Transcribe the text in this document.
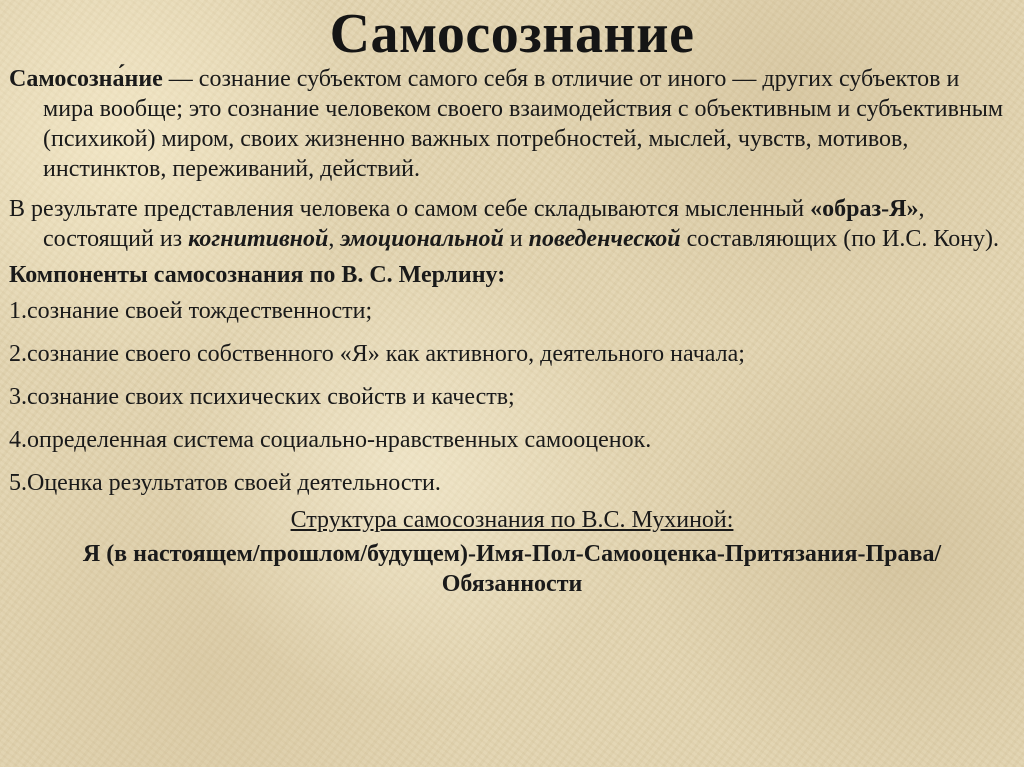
Самосознание

Самосозна́ние — сознание субъектом самого себя в отличие от иного — других субъектов и мира вообще; это сознание человеком своего взаимодействия с объективным и субъективным (психикой) миром, своих жизненно важных потребностей, мыслей, чувств, мотивов, инстинктов, переживаний, действий.

В результате представления человека о самом себе складываются мысленный «образ-Я», состоящий из когнитивной, эмоциональной и поведенческой составляющих (по И.С. Кону).

Компоненты самосознания по В. С. Мерлину:

1.сознание своей тождественности;

2.сознание своего собственного «Я» как активного, деятельного начала;

3.сознание своих психических свойств и качеств;

4.определенная система социально-нравственных самооценок.

5.Оценка результатов своей деятельности.

Структура самосознания по В.С. Мухиной:

Я (в настоящем/прошлом/будущем)-Имя-Пол-Самооценка-Притязания-Права/Обязанности
